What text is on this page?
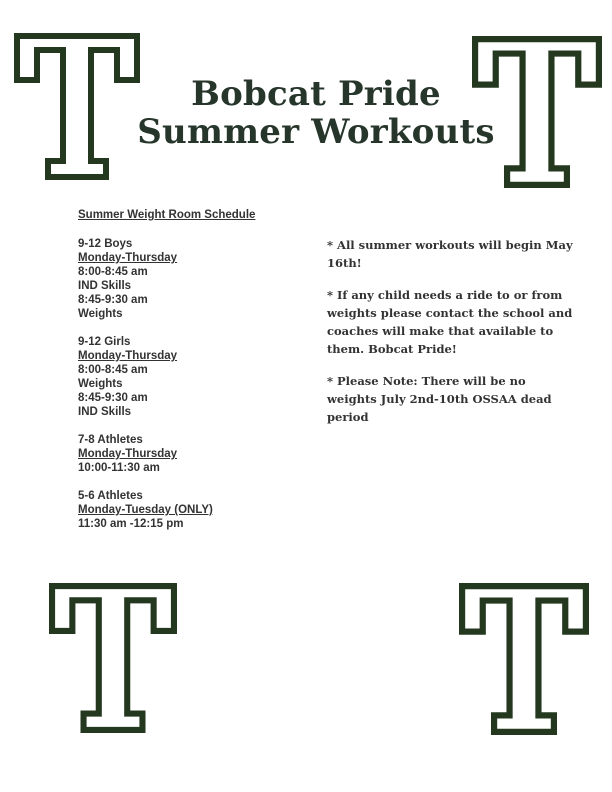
Bobcat Pride
Summer Workouts
Summer Weight Room Schedule
9-12 Boys
Monday-Thursday
8:00-8:45 am
IND Skills
8:45-9:30 am
Weights
9-12 Girls
Monday-Thursday
8:00-8:45 am
Weights
8:45-9:30 am
IND Skills
7-8 Athletes
Monday-Thursday
10:00-11:30 am
5-6 Athletes
Monday-Tuesday (ONLY)
11:30 am -12:15 pm

* All summer workouts will begin May 16th!

* If any child needs a ride to or from weights please contact the school and coaches will make that available to them. Bobcat Pride!

* Please Note: There will be no weights July 2nd-10th OSSAA dead period
